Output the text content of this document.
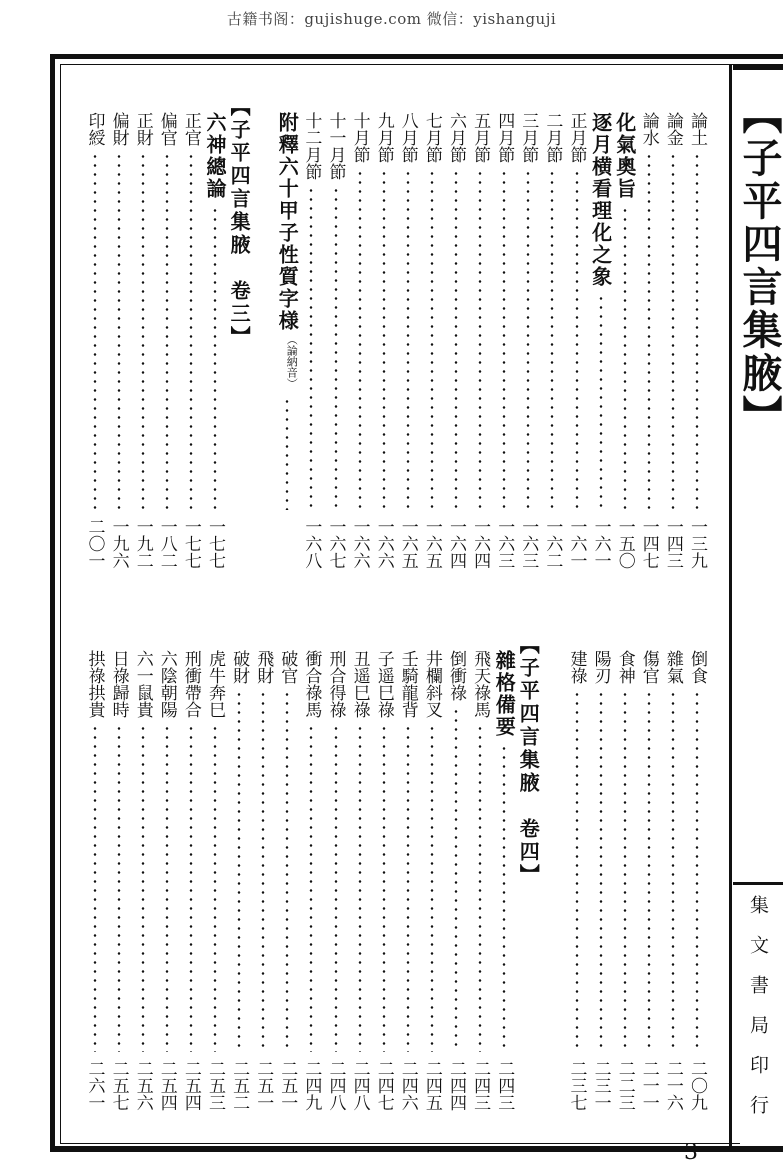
古籍书阁：gujishuge.com 微信：yishanguji
【子平四言集腋】
集文書局印行
3
論土
一三九
論金
一四三
論水
一四七
化氣奧旨
一五〇
逐月横看理化之象
一六一
正月節
一六一
二月節
一六二
三月節
一六三
四月節
一六三
五月節
一六四
六月節
一六四
七月節
一六五
八月節
一六五
九月節
一六六
十月節
一六六
十一月節
一六七
十二月節
一六八
附釋六十甲子性質字様
（論納音）
【子平四言集腋　卷三】
六神總論
一七七
正官
一七七
偏官
一八二
正財
一九二
偏財
一九六
印綬
二〇一
倒食
二〇九
雜氣
二一六
傷官
二一一
食神
二二三
陽刃
二三一
建祿
二三七
【子平四言集腋　卷四】
雜格備要
二四三
飛天祿馬
二四三
倒衝祿
二四四
井欄斜叉
二四五
壬騎龍背
二四六
子遥巳祿
二四七
丑遥巳祿
二四八
刑合得祿
二四八
衝合祿馬
二四九
破官
二五一
飛財
二五一
破財
二五二
虎牛奔巳
二五三
刑衝帶合
二五四
六陰朝陽
二五四
六一鼠貴
二五六
日祿歸時
二五七
拱祿拱貴
二六一
